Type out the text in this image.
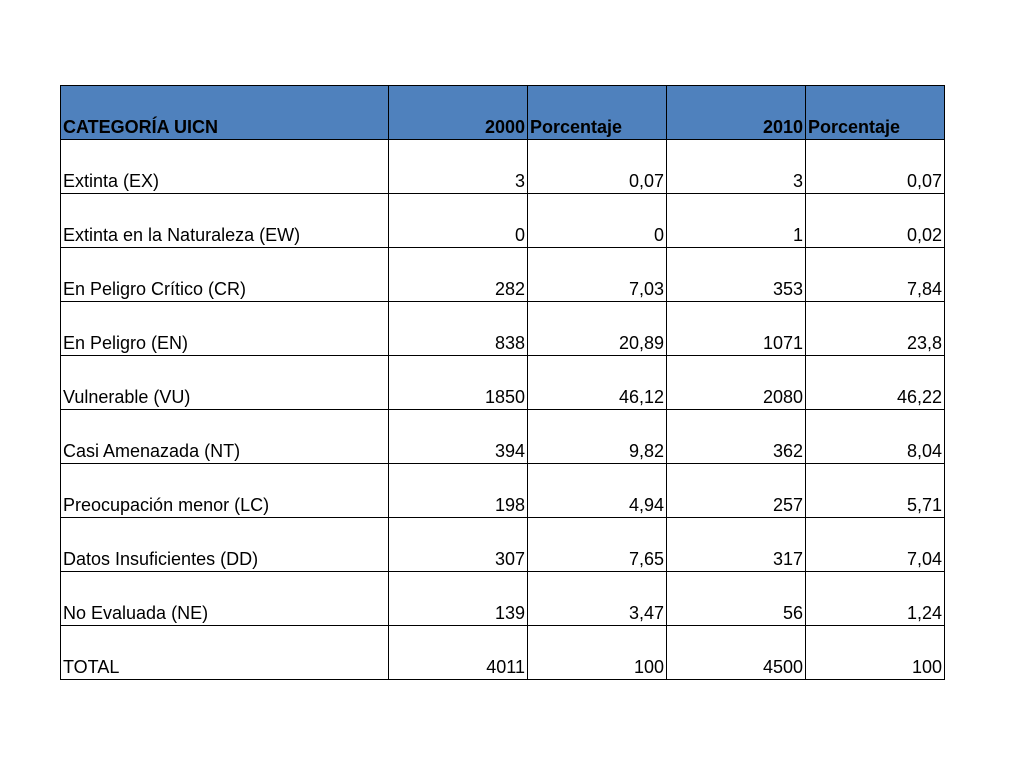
CATEGORÍA UICN	2000	Porcentaje	2010	Porcentaje
Extinta (EX)	3	0,07	3	0,07
Extinta en la Naturaleza (EW)	0	0	1	0,02
En Peligro Crítico (CR)	282	7,03	353	7,84
En Peligro (EN)	838	20,89	1071	23,8
Vulnerable (VU)	1850	46,12	2080	46,22
Casi Amenazada (NT)	394	9,82	362	8,04
Preocupación menor (LC)	198	4,94	257	5,71
Datos Insuficientes (DD)	307	7,65	317	7,04
No Evaluada (NE)	139	3,47	56	1,24
TOTAL	4011	100	4500	100
